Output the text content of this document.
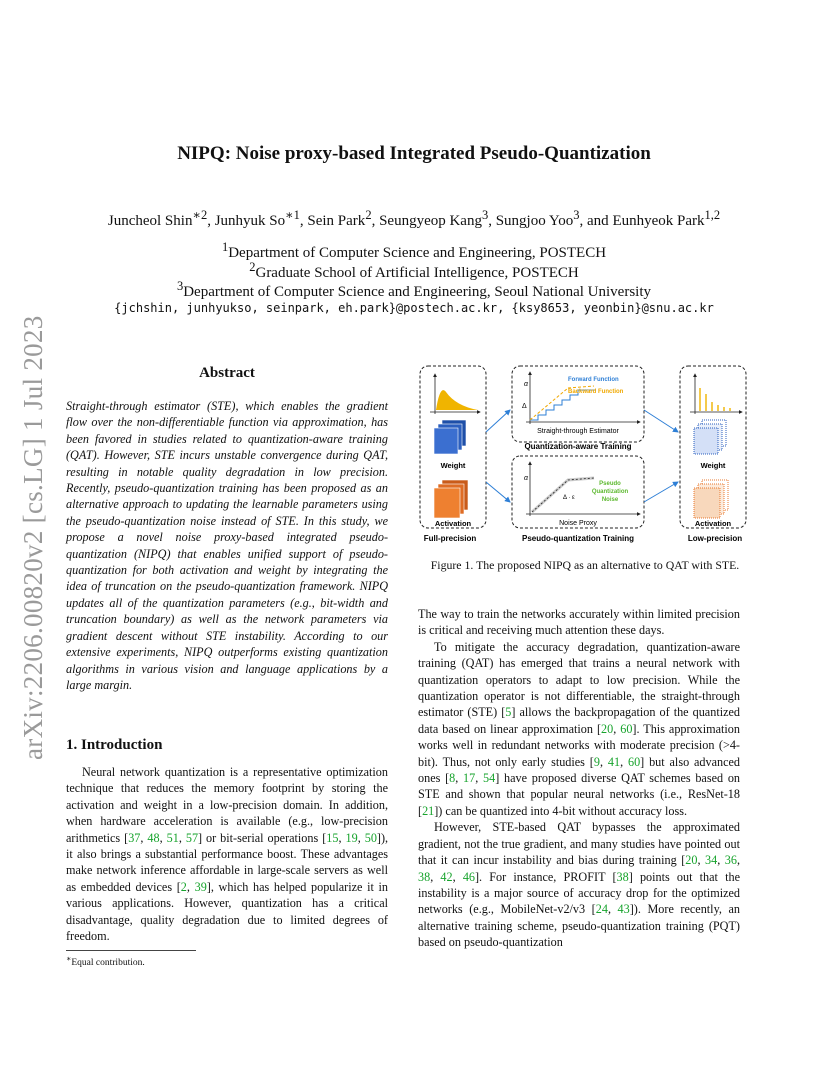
arXiv:2206.00820v2 [cs.LG] 1 Jul 2023
NIPQ: Noise proxy-based Integrated Pseudo-Quantization
Juncheol Shin$^{∗2}$, Junhyuk $So^{∗1}$, Sein Park$^2$, Seungyeop Kang$^3$, Sungjoo Yoo$^3$, and Eunhyeok Park$^{1,2}$
$^1$Department of Computer Science and Engineering, POSTECH
$^2$Graduate School of Artificial Intelligence, POSTECH
$^3$Department of Computer Science and Engineering, Seoul National University
{jchshin, junhyukso, seinpark, eh.park}@postech.ac.kr, {ksy8653, yeonbin}@snu.ac.kr
Abstract
Straight-through estimator (STE), which enables the gradient flow over the non-differentiable function via approximation, has been favored in studies related to quantization-aware training (QAT). However, STE incurs unstable convergence during QAT, resulting in notable quality degradation in low precision. Recently, pseudo-quantization training has been proposed as an alternative approach to updating the learnable parameters using the pseudo-quantization noise instead of STE. In this study, we propose a novel noise proxy-based integrated pseudo-quantization (NIPQ) that enables unified support of pseudo-quantization for both activation and weight by integrating the idea of truncation on the pseudo-quantization framework. NIPQ updates all of the quantization parameters (e.g., bit-width and truncation boundary) as well as the network parameters via gradient descent without STE instability. According to our extensive experiments, NIPQ outperforms existing quantization algorithms in various vision and language applications by a large margin.
1. Introduction

Neural network quantization is a representative optimization technique that reduces the memory footprint by storing the activation and weight in a low-precision domain. In addition, when hardware acceleration is available (e.g., low-precision arithmetics [37, 48, 51, 57] or bit-serial operations [15, 19, 50]), it also brings a substantial performance boost. These advantages make network inference affordable in large-scale servers as well as embedded devices [2, 39], which has helped popularize it in various applications. However, quantization has a critical disadvantage, quality degradation due to limited degrees of freedom.

∗Equal contribution.
Weight
Activation
Full-precision
α
Δ
Forward Function
Backward Function
Straight-through Estimator
Quantization-aware Training
α
Δ · ε
Pseudo
Quantization
Noise
Noise Proxy
Pseudo-quantization Training
Weight
Activation
Low-precision
Figure 1. The proposed NIPQ as an alternative to QAT with STE.

The way to train the networks accurately within limited precision is critical and receiving much attention these days.

To mitigate the accuracy degradation, quantization-aware training (QAT) has emerged that trains a neural network with quantization operators to adapt to low precision. While the quantization operator is not differentiable, the straight-through estimator (STE) [5] allows the backpropagation of the quantized data based on linear approximation [20, 60]. This approximation works well in redundant networks with moderate precision (>4-bit). Thus, not only early studies [9, 41, 60] but also advanced ones [8, 17, 54] have proposed diverse QAT schemes based on STE and shown that popular neural networks (i.e., ResNet-18 [21]) can be quantized into 4-bit without accuracy loss.

However, STE-based QAT bypasses the approximated gradient, not the true gradient, and many studies have pointed out that it can incur instability and bias during training [20, 34, 36, 38, 42, 46]. For instance, PROFIT [38] points out that the instability is a major source of accuracy drop for the optimized networks (e.g., MobileNet-v2/v3 [24, 43]). More recently, an alternative training scheme, pseudo-quantization training (PQT) based on pseudo-quantization
